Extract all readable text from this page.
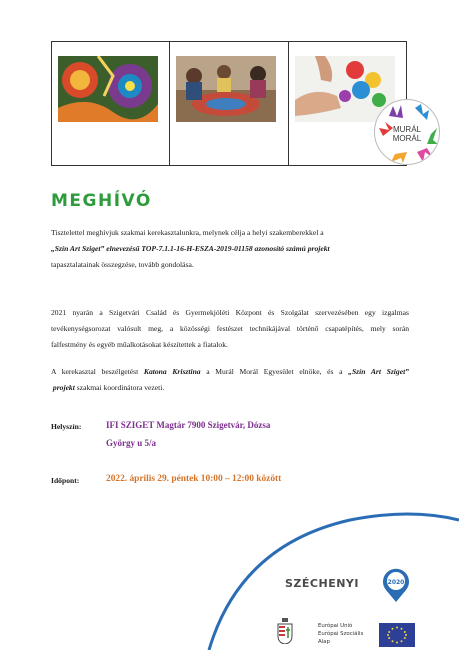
MURÁL
MORÁL
MEGHÍVÓ
Tisztelettel meghívjuk szakmai kerekasztalunkra, melynek célja a helyi szakemberekkel a
„Szín Art Sziget” elnevezésű TOP-7.1.1-16-H-ESZA-2019-01158 azonosító számú projekt
tapasztalatainak összegzése, tovább gondolása.
2021 nyarán a Szigetvári Család és Gyermekjóléti Központ és Szolgálat szervezésében egy izgalmas
tevékenységsorozat valósult meg, a közösségi festészet technikájával történő csapatépítés, mely során
falfestmény és egyéb műalkotásokat készítettek a fiatalok.
A kerekasztal beszélgetést Katona Krisztina a Murál Morál Egyesület elnöke, és a „Szín Art Sziget”
projekt szakmai koordinátora vezeti.
Helyszín:	IFI SZIGET Magtár 7900 Szigetvár, Dózsa
György u 5/a
Időpont:	2022. április 29. péntek 10:00 – 12:00 között
SZÉCHENYI	2020
Európai Unió
Európai Szociális
Alap
